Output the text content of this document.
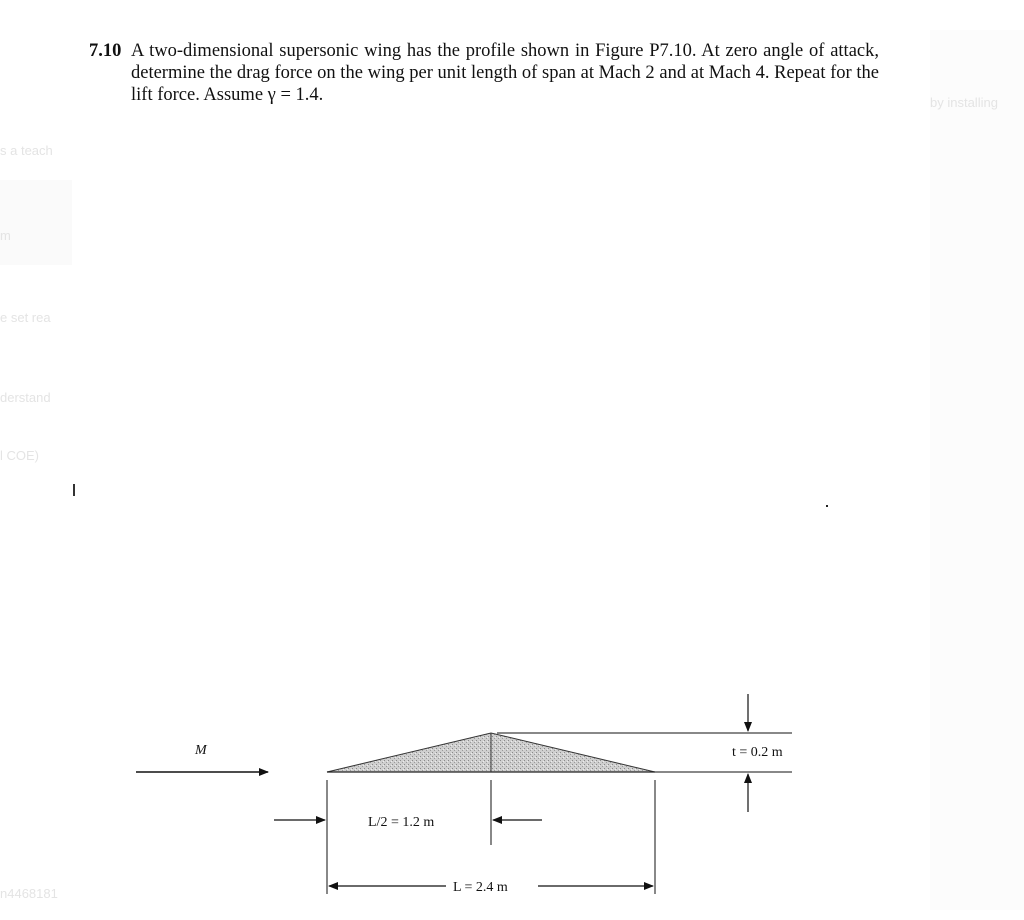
s a teach
m
e set rea
derstand
l COE)
n4468181
by installing
7.10 A two-dimensional supersonic wing has the profile shown in Figure P7.10. At zero angle of attack, determine the drag force on the wing per unit length of span at Mach 2 and at Mach 4. Repeat for the lift force. Assume γ = 1.4.
M	t = 0.2 m
L/2 = 1.2 m
L = 2.4 m
